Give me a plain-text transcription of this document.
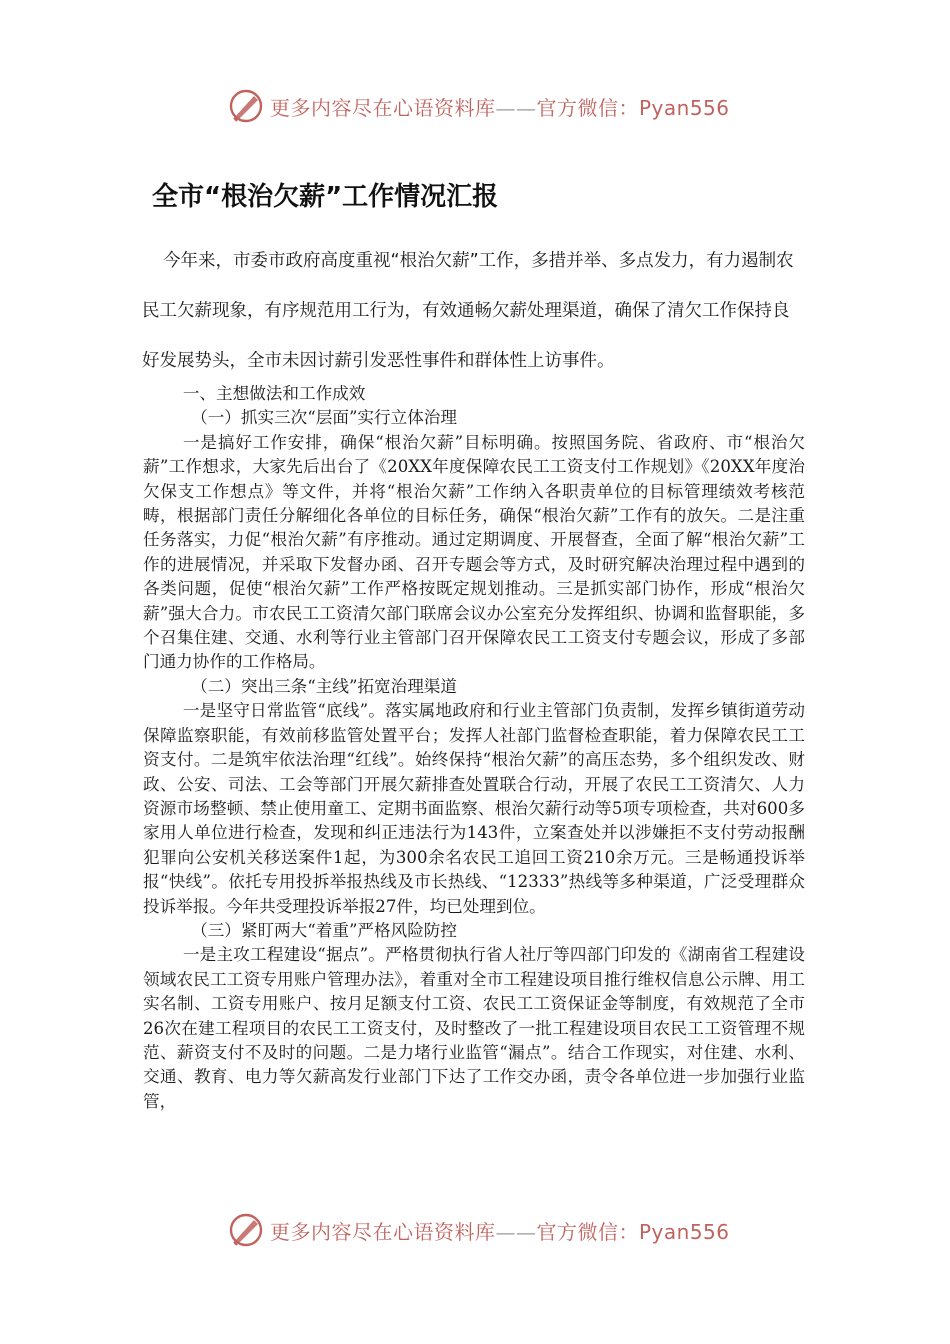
更多内容尽在心语资料库——官方微信：Pyan556
全市“根治欠薪”工作情况汇报

今年来，市委市政府高度重视“根治欠薪”工作，多措并举、多点发力，有力遏制农民工欠薪现象，有序规范用工行为，有效通畅欠薪处理渠道，确保了清欠工作保持良好发展势头，全市未因讨薪引发恶性事件和群体性上访事件。

一、主想做法和工作成效

（一）抓实三次“层面”实行立体治理

一是搞好工作安排，确保“根治欠薪”目标明确。按照国务院、省政府、市“根治欠薪”工作想求，大家先后出台了《20XX年度保障农民工工资支付工作规划》《20XX年度治欠保支工作想点》等文件，并将“根治欠薪”工作纳入各职责单位的目标管理绩效考核范畴，根据部门责任分解细化各单位的目标任务，确保“根治欠薪”工作有的放矢。二是注重任务落实，力促“根治欠薪”有序推动。通过定期调度、开展督查，全面了解“根治欠薪”工作的进展情况，并采取下发督办函、召开专题会等方式，及时研究解决治理过程中遇到的各类问题，促使“根治欠薪”工作严格按既定规划推动。三是抓实部门协作，形成“根治欠薪”强大合力。市农民工工资清欠部门联席会议办公室充分发挥组织、协调和监督职能，多个召集住建、交通、水利等行业主管部门召开保障农民工工资支付专题会议，形成了多部门通力协作的工作格局。

（二）突出三条“主线”拓宽治理渠道

一是坚守日常监管“底线”。落实属地政府和行业主管部门负责制，发挥乡镇街道劳动保障监察职能，有效前移监管处置平台；发挥人社部门监督检查职能，着力保障农民工工资支付。二是筑牢依法治理“红线”。始终保持“根治欠薪”的高压态势，多个组织发改、财政、公安、司法、工会等部门开展欠薪排查处置联合行动，开展了农民工工资清欠、人力资源市场整顿、禁止使用童工、定期书面监察、根治欠薪行动等5项专项检查，共对600多家用人单位进行检查，发现和纠正违法行为143件，立案查处并以涉嫌拒不支付劳动报酬犯罪向公安机关移送案件1起，为300余名农民工追回工资210余万元。三是畅通投诉举报“快线”。依托专用投拆举报热线及市长热线、“12333”热线等多种渠道，广泛受理群众投诉举报。今年共受理投诉举报27件，均已处理到位。

（三）紧盯两大“着重”严格风险防控

一是主攻工程建设“据点”。严格贯彻执行省人社厅等四部门印发的《湖南省工程建设领域农民工工资专用账户管理办法》，着重对全市工程建设项目推行维权信息公示牌、用工实名制、工资专用账户、按月足额支付工资、农民工工资保证金等制度，有效规范了全市26次在建工程项目的农民工工资支付，及时整改了一批工程建设项目农民工工资管理不规范、薪资支付不及时的问题。二是力堵行业监管“漏点”。结合工作现实，对住建、水利、交通、教育、电力等欠薪高发行业部门下达了工作交办函，责令各单位进一步加强行业监管，

更多内容尽在心语资料库——官方微信：Pyan556
